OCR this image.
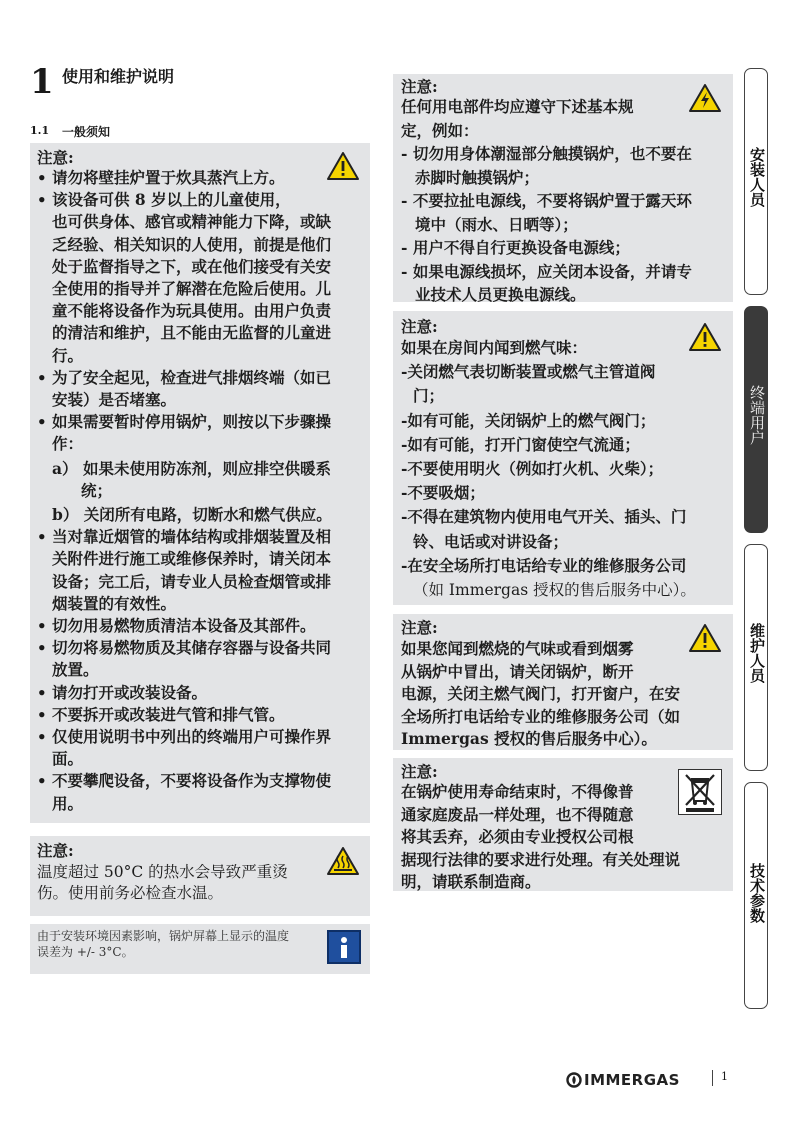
1 使用和维护说明
1.1 一般须知
注意:
请勿将壁挂炉置于炊具蒸汽上方。
•
该设备可供 8 岁以上的儿童使用，
•
也可供身体、感官或精神能力下降，或缺
乏经验、相关知识的人使用，前提是他们
处于监督指导之下，或在他们接受有关安
全使用的指导并了解潜在危险后使用。儿
童不能将设备作为玩具使用。由用户负责
的清洁和维护，且不能由无监督的儿童进
行。
为了安全起见，检查进气排烟终端（如已
•
安装）是否堵塞。
如果需要暂时停用锅炉，则按以下步骤操
•
作：
a） 如果未使用防冻剂，则应排空供暖系
统；
b） 关闭所有电路，切断水和燃气供应。
当对靠近烟管的墙体结构或排烟装置及相
•
关附件进行施工或维修保养时，请关闭本
设备；完工后，请专业人员检查烟管或排
烟装置的有效性。
切勿用易燃物质清洁本设备及其部件。
•
切勿将易燃物质及其储存容器与设备共同
•
放置。
请勿打开或改装设备。
•
不要拆开或改装进气管和排气管。
•
仅使用说明书中列出的终端用户可操作界
•
面。
不要攀爬设备，不要将设备作为支撑物使
•
用。
注意:
温度超过 50°C 的热水会导致严重烫
伤。使用前务必检查水温。
由于安装环境因素影响，锅炉屏幕上显示的温度
误差为 +/- 3°C。
注意:
任何用电部件均应遵守下述基本规
定，例如：
- 切勿用身体潮湿部分触摸锅炉，也不要在
赤脚时触摸锅炉；
- 不要拉扯电源线，不要将锅炉置于露天环
境中（雨水、日晒等）；
- 用户不得自行更换设备电源线；
- 如果电源线损坏，应关闭本设备，并请专
业技术人员更换电源线。
注意:
如果在房间内闻到燃气味：
-关闭燃气表切断装置或燃气主管道阀
门；
-如有可能，关闭锅炉上的燃气阀门；
-如有可能，打开门窗使空气流通；
-不要使用明火（例如打火机、火柴）；
-不要吸烟；
-不得在建筑物内使用电气开关、插头、门
铃、电话或对讲设备；
-在安全场所打电话给专业的维修服务公司
（如 Immergas 授权的售后服务中心）。
注意:
如果您闻到燃烧的气味或看到烟雾
从锅炉中冒出，请关闭锅炉，断开
电源，关闭主燃气阀门，打开窗户，在安
全场所打电话给专业的维修服务公司（如
Immergas 授权的售后服务中心）。
注意:
在锅炉使用寿命结束时，不得像普
通家庭废品一样处理，也不得随意
将其丢弃，必须由专业授权公司根
据现行法律的要求进行处理。有关处理说
明，请联系制造商。
安装人员
终端用户
维护人员
技术参数
IMMERGAS	1
